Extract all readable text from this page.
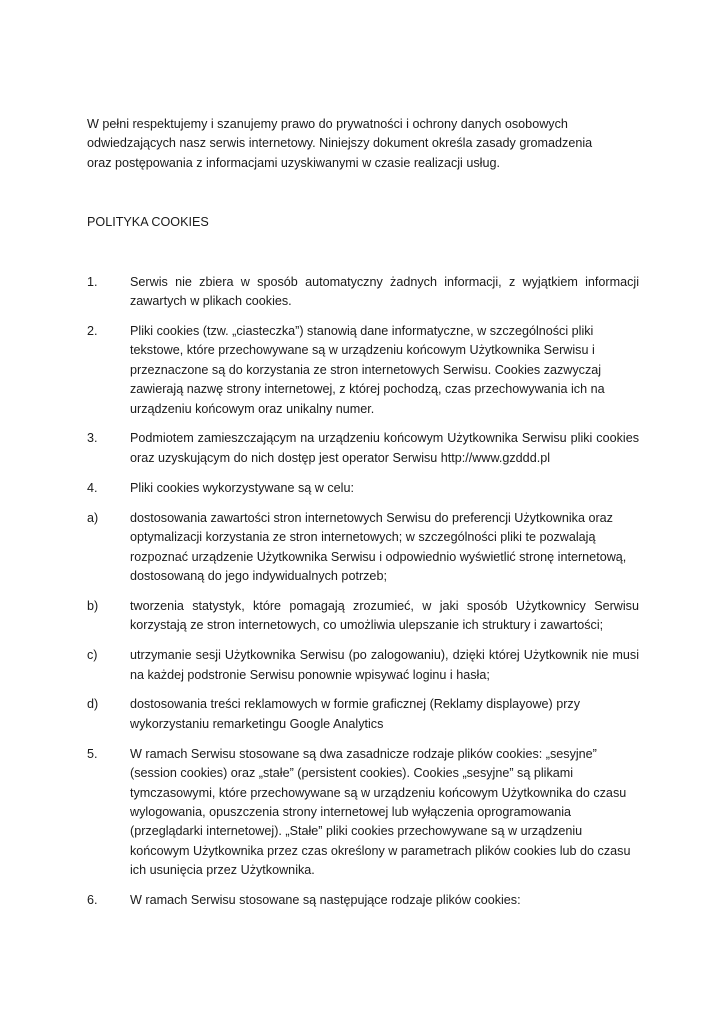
W pełni respektujemy i szanujemy prawo do prywatności i ochrony danych osobowych

odwiedzających nasz serwis internetowy. Niniejszy dokument określa zasady gromadzenia

oraz postępowania z informacjami uzyskiwanymi w czasie realizacji usług.

POLITYKA COOKIES
1.	Serwis nie zbiera w sposób automatyczny żadnych informacji, z wyjątkiem informacji zawartych w plikach cookies.
2.	Pliki cookies (tzw. „ciasteczka”) stanowią dane informatyczne, w szczególności pliki tekstowe, które przechowywane są w urządzeniu końcowym Użytkownika Serwisu i przeznaczone są do korzystania ze stron internetowych Serwisu. Cookies zazwyczaj zawierają nazwę strony internetowej, z której pochodzą, czas przechowywania ich na urządzeniu końcowym oraz unikalny numer.
3.	Podmiotem zamieszczającym na urządzeniu końcowym Użytkownika Serwisu pliki cookies oraz uzyskującym do nich dostęp jest operator Serwisu http://www.gzddd.pl
4.	Pliki cookies wykorzystywane są w celu:
a)	dostosowania zawartości stron internetowych Serwisu do preferencji Użytkownika oraz optymalizacji korzystania ze stron internetowych; w szczególności pliki te pozwalają rozpoznać urządzenie Użytkownika Serwisu i odpowiednio wyświetlić stronę internetową, dostosowaną do jego indywidualnych potrzeb;
b)	tworzenia statystyk, które pomagają zrozumieć, w jaki sposób Użytkownicy Serwisu korzystają ze stron internetowych, co umożliwia ulepszanie ich struktury i zawartości;
c)	utrzymanie sesji Użytkownika Serwisu (po zalogowaniu), dzięki której Użytkownik nie musi na każdej podstronie Serwisu ponownie wpisywać loginu i hasła;
d)	dostosowania treści reklamowych w formie graficznej (Reklamy displayowe) przy wykorzystaniu remarketingu Google Analytics
5.	W ramach Serwisu stosowane są dwa zasadnicze rodzaje plików cookies: „sesyjne” (session cookies) oraz „stałe” (persistent cookies). Cookies „sesyjne” są plikami tymczasowymi, które przechowywane są w urządzeniu końcowym Użytkownika do czasu wylogowania, opuszczenia strony internetowej lub wyłączenia oprogramowania (przeglądarki internetowej). „Stałe” pliki cookies przechowywane są w urządzeniu końcowym Użytkownika przez czas określony w parametrach plików cookies lub do czasu ich usunięcia przez Użytkownika.
6.	W ramach Serwisu stosowane są następujące rodzaje plików cookies:
